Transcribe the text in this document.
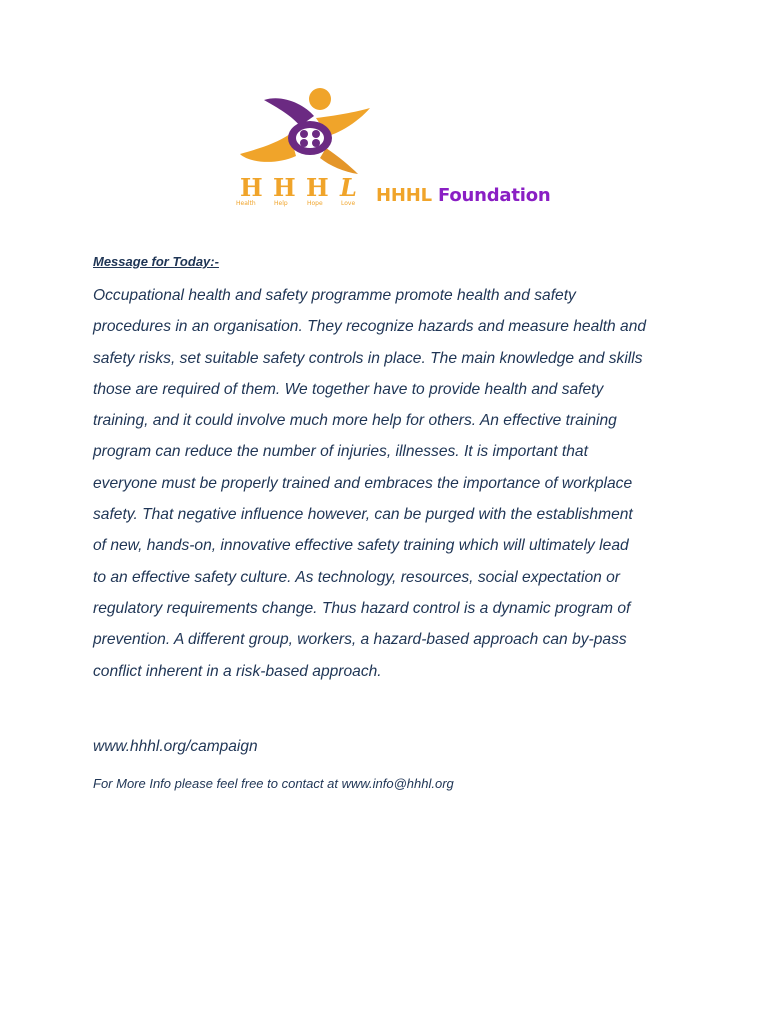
H H H L
Health	Help	Hope	Love HHHL Foundation
Message for Today:-
Occupational health and safety programme promote health and safety
procedures in an organisation. They recognize hazards and measure health and
safety risks, set suitable safety controls in place. The main knowledge and skills
those are required of them. We together have to provide health and safety
training, and it could involve much more help for others. An effective training
program can reduce the number of injuries, illnesses. It is important that
everyone must be properly trained and embraces the importance of workplace
safety. That negative influence however, can be purged with the establishment
of new, hands-on, innovative effective safety training which will ultimately lead
to an effective safety culture. As technology, resources, social expectation or
regulatory requirements change. Thus hazard control is a dynamic program of
prevention. A different group, workers, a hazard-based approach can by-pass
conflict inherent in a risk-based approach.
www.hhhl.org/campaign
For More Info please feel free to contact at www.info@hhhl.org
